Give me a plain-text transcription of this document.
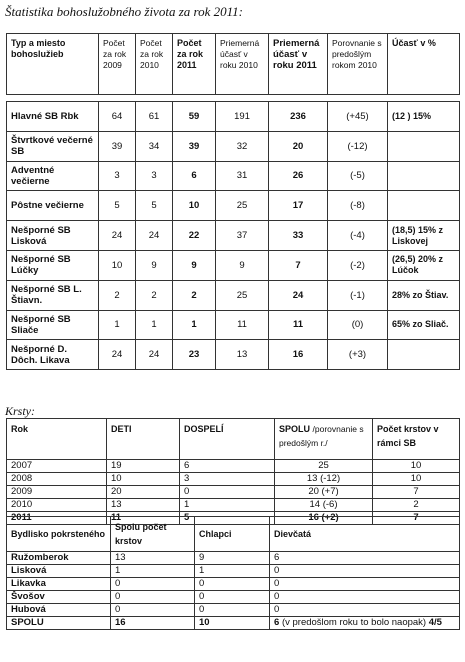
Štatistika bohoslužobného života za rok 2011:
Typ a miesto bohoslužieb	Počet za rok 2009	Počet za rok 2010	Počet za rok 2011	Priemerná účasť v roku 2010	Priemerná účasť v roku 2011	Porovnanie s predošlým rokom 2010	Účasť v %

Hlavné SB Rbk	64	61	59	191	236	(+45)	(12 ) 15%
Štvrtkové večerné SB	39	34	39	32	20	(-12)	
Adventné večierne	3	3	6	31	26	(-5)	
Pôstne večierne	5	5	10	25	17	(-8)	
Nešporné SB Lisková	24	24	22	37	33	(-4)	(18,5) 15% z Liskovej
Nešporné SB Lúčky	10	9	9	9	7	(-2)	(26,5) 20% z Lúčok
Nešporné SB L. Štiavn.	2	2	2	25	24	(-1)	28% zo Štiav.
Nešporné SB Sliače	1	1	1	11	11	(0)	65% zo Sliač.
Nešporné D. Dôch. Likava	24	24	23	13	16	(+3)	
Krsty:
Rok	DETI	DOSPELÍ	SPOLU /porovnanie s predošlým r./	Počet krstov v rámci SB
2007	19	6	25	10
2008	10	3	13 (-12)	10
2009	20	0	20 (+7)	7
2010	13	1	14 (-6)	2
2011	11	5	16 (+2)	7
Bydlisko pokrsteného	Spolu počet krstov	Chlapci	Dievčatá
Ružomberok	13	9	6
Lisková	1	1	0
Likavka	0	0	0
Švošov	0	0	0
Hubová	0	0	0
SPOLU	16	10	6 (v predošlom roku to bolo naopak) 4/5
